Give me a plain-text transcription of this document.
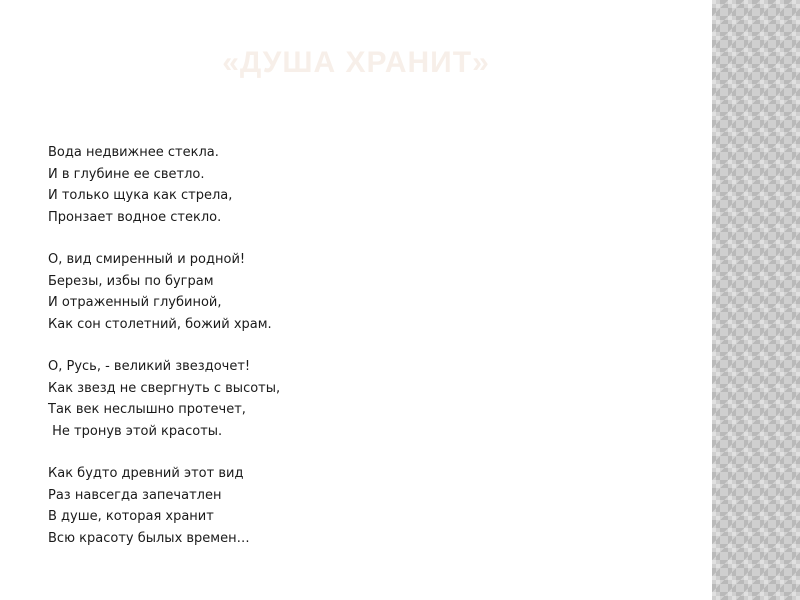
«ДУША ХРАНИТ»
Вода недвижнее стекла.
И в глубине ее светло.
И только щука как стрела,
Пронзает водное стекло.
О, вид смиренный и родной!
Березы, избы по буграм
И отраженный глубиной,
Как сон столетний, божий храм.
О, Русь, - великий звездочет!
Как звезд не свергнуть с высоты,
Так век неслышно протечет,
Не тронув этой красоты.
Как будто древний этот вид
Раз навсегда запечатлен
В душе, которая хранит
Всю красоту былых времен…
